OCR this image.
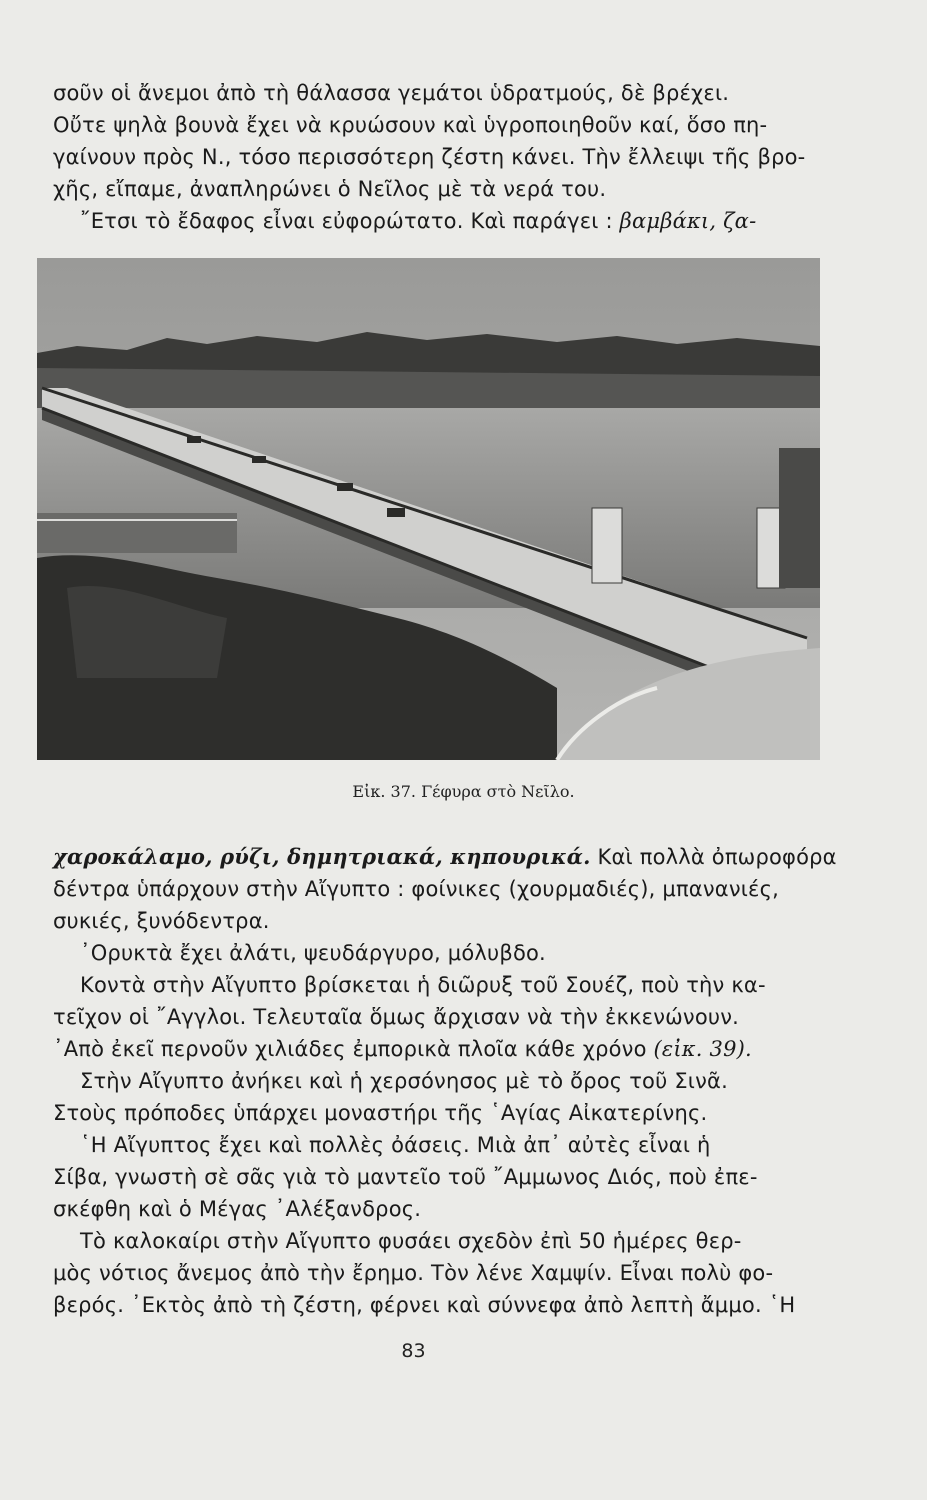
σοῦν οἱ ἄνεμοι ἀπὸ τὴ θάλασσα γεμάτοι ὑδρατμούς, δὲ βρέχει.
Οὔτε ψηλὰ βουνὰ ἔχει νὰ κρυώσουν καὶ ὑγροποιηθοῦν καί, ὅσο πη-
γαίνουν πρὸς Ν., τόσο περισσότερη ζέστη κάνει. Τὴν ἔλλειψι τῆς βρο-
χῆς, εἴπαμε, ἀναπληρώνει ὁ Νεῖλος μὲ τὰ νερά του.
῎Ετσι τὸ ἔδαφος εἶναι εὐφορώτατο. Καὶ παράγει : βαμβάκι, ζα-
Εἰκ. 37. Γέφυρα στὸ Νεῖλο.
χαροκάλαμο, ρύζι, δημητριακά, κηπουρικά. Καὶ πολλὰ ὀπωροφόρα
δέντρα ὑπάρχουν στὴν Αἴγυπτο : φοίνικες (χουρμαδιές), μπανανιές,
συκιές, ξυνόδεντρα.
᾿Ορυκτὰ ἔχει ἀλάτι, ψευδάργυρο, μόλυβδο.
Κοντὰ στὴν Αἴγυπτο βρίσκεται ἡ διῶρυξ τοῦ Σουέζ, ποὺ τὴν κα-
τεῖχον οἱ ῎Αγγλοι. Τελευταῖα ὅμως ἄρχισαν νὰ τὴν ἐκκενώνουν.
᾿Απὸ ἐκεῖ περνοῦν χιλιάδες ἐμπορικὰ πλοῖα κάθε χρόνο (εἰκ. 39).
Στὴν Αἴγυπτο ἀνήκει καὶ ἡ χερσόνησος μὲ τὸ ὄρος τοῦ Σινᾶ.
Στοὺς πρόποδες ὑπάρχει μοναστήρι τῆς ῾Αγίας Αἰκατερίνης.
῾Η Αἴγυπτος ἔχει καὶ πολλὲς ὀάσεις. Μιὰ ἀπ᾿ αὐτὲς εἶναι ἡ
Σίβα, γνωστὴ σὲ σᾶς γιὰ τὸ μαντεῖο τοῦ ῎Αμμωνος Διός, ποὺ ἐπε-
σκέφθη καὶ ὁ Μέγας ᾿Αλέξανδρος.
Τὸ καλοκαίρι στὴν Αἴγυπτο φυσάει σχεδὸν ἐπὶ 50 ἡμέρες θερ-
μὸς νότιος ἄνεμος ἀπὸ τὴν ἔρημο. Τὸν λένε Χαμψίν. Εἶναι πολὺ φο-
βερός. ᾿Εκτὸς ἀπὸ τὴ ζέστη, φέρνει καὶ σύννεφα ἀπὸ λεπτὴ ἄμμο. ῾Η
83
